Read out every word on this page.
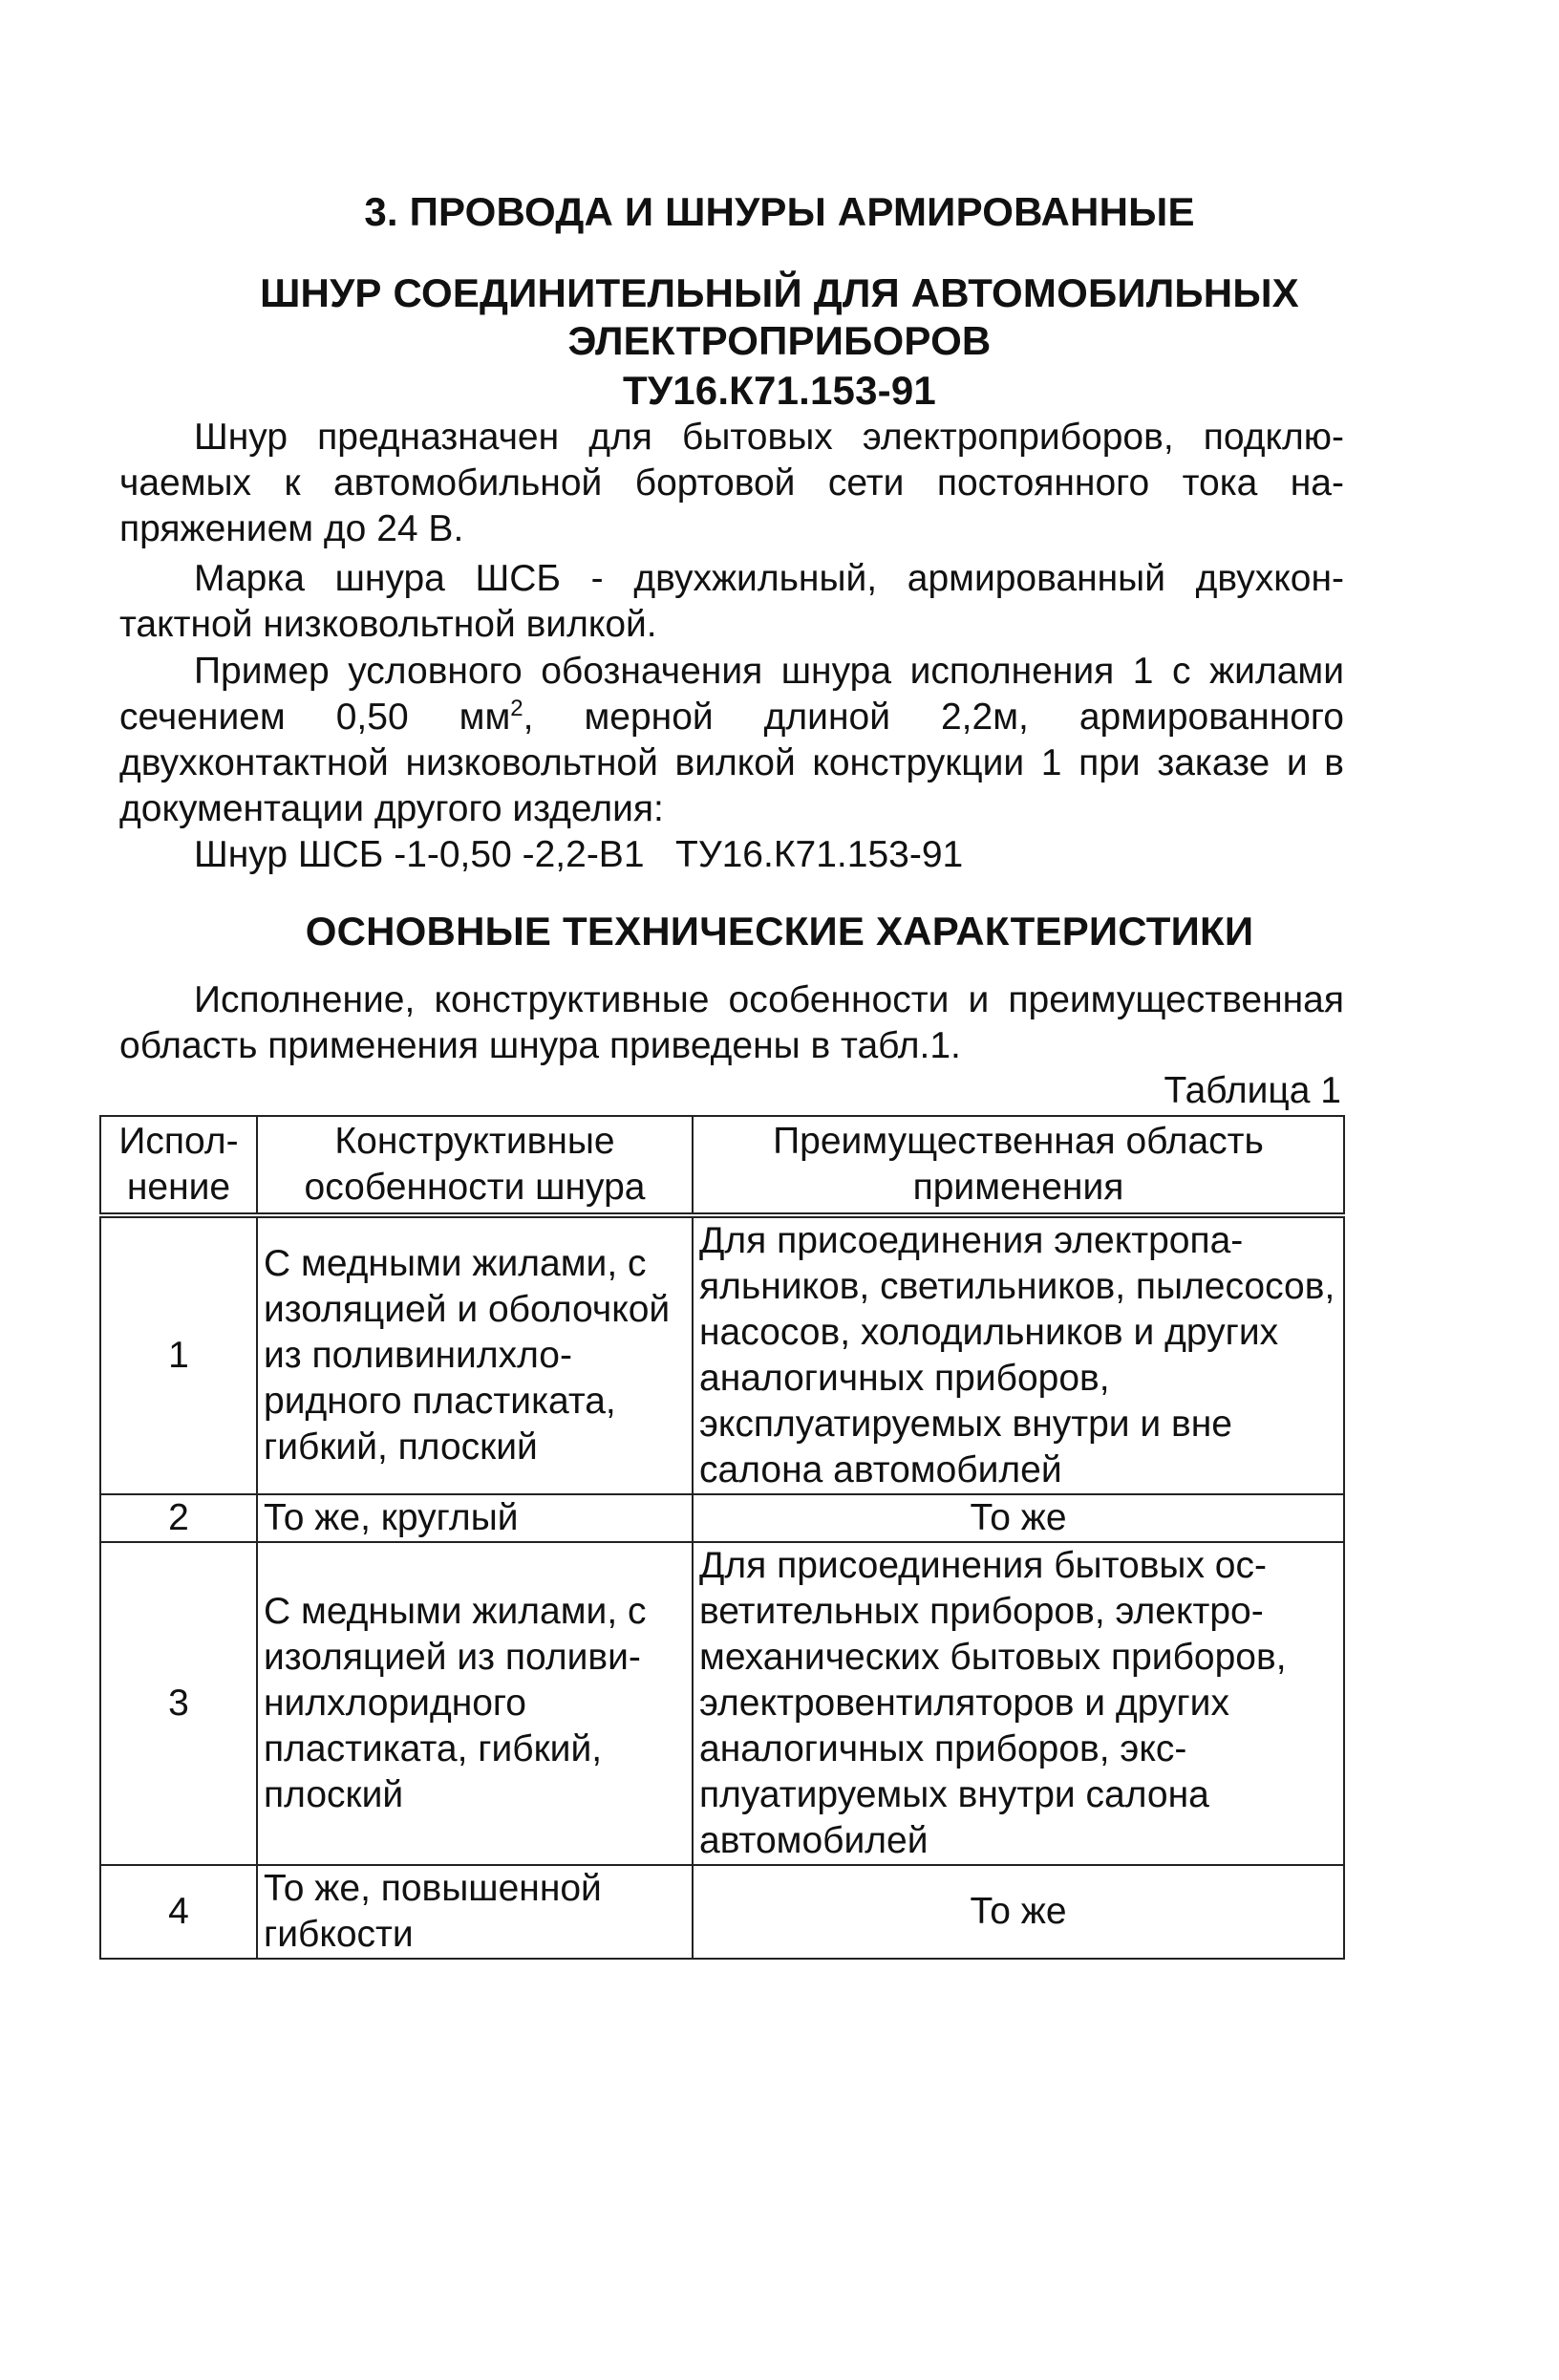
3. ПРОВОДА И ШНУРЫ АРМИРОВАННЫЕ
ШНУР СОЕДИНИТЕЛЬНЫЙ ДЛЯ АВТОМОБИЛЬНЫХ
ЭЛЕКТРОПРИБОРОВ
ТУ16.К71.153-91
Шнур предназначен для бытовых электроприборов, подключаемых к автомобильной бортовой сети постоянного тока напряжением до 24 В.
Марка шнура ШСБ - двухжильный, армированный двухконтактной низковольтной вилкой.
Пример условного обозначения шнура исполнения 1 с жилами сечением 0,50 $мм^2$, мерной длиной 2,2м, армированного двухконтактной низковольтной вилкой конструкции 1 при заказе и в документации другого изделия:
Шнур ШСБ -1-0,50 -2,2-В1   ТУ16.К71.153-91
ОСНОВНЫЕ ТЕХНИЧЕСКИЕ ХАРАКТЕРИСТИКИ
Исполнение, конструктивные особенности и преимущественная область применения шнура приведены в табл.1.
Таблица 1
Исполнение	Конструктивные особенности шнура	Преимущественная область применения
1	С медными жилами, с изоляцией и оболочкой из поливинилхлоридного пластиката, гибкий, плоский	Для присоединения электропаяльников, светильников, пылесосов, насосов, холодильников и других аналогичных приборов, эксплуатируемых внутри и вне салона автомобилей
2	То же, круглый	То же
3	С медными жилами, с изоляцией из поливинилхлоридного пластиката, гибкий, плоский	Для присоединения бытовых осветительных приборов, электромеханических бытовых приборов, электровентиляторов и других аналогичных приборов, эксплуатируемых внутри салона автомобилей
4	То же, повышенной гибкости	То же
